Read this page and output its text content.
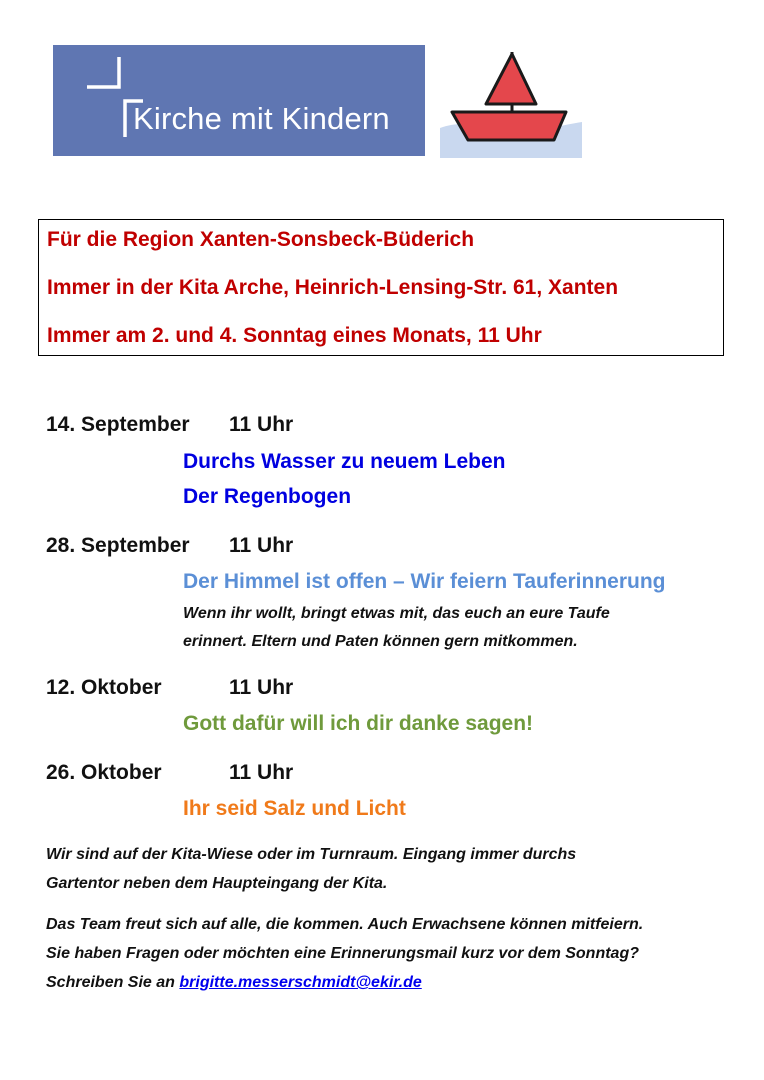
Kirche mit Kindern
Für die Region Xanten-Sonsbeck-Büderich
Immer in der Kita Arche, Heinrich-Lensing-Str. 61, Xanten
Immer am 2. und 4. Sonntag eines Monats, 11 Uhr
14. September 11 Uhr
Durchs Wasser zu neuem Leben
Der Regenbogen
28. September 11 Uhr
Der Himmel ist offen – Wir feiern Tauferinnerung
Wenn ihr wollt, bringt etwas mit, das euch an eure Taufe
erinnert. Eltern und Paten können gern mitkommen.
12. Oktober	11 Uhr
Gott dafür will ich dir danke sagen!
26. Oktober	11 Uhr
Ihr seid Salz und Licht
Wir sind auf der Kita-Wiese oder im Turnraum. Eingang immer durchs
Gartentor neben dem Haupteingang der Kita.
Das Team freut sich auf alle, die kommen. Auch Erwachsene können mitfeiern.
Sie haben Fragen oder möchten eine Erinnerungsmail kurz vor dem Sonntag?
Schreiben Sie an brigitte.messerschmidt@ekir.de
